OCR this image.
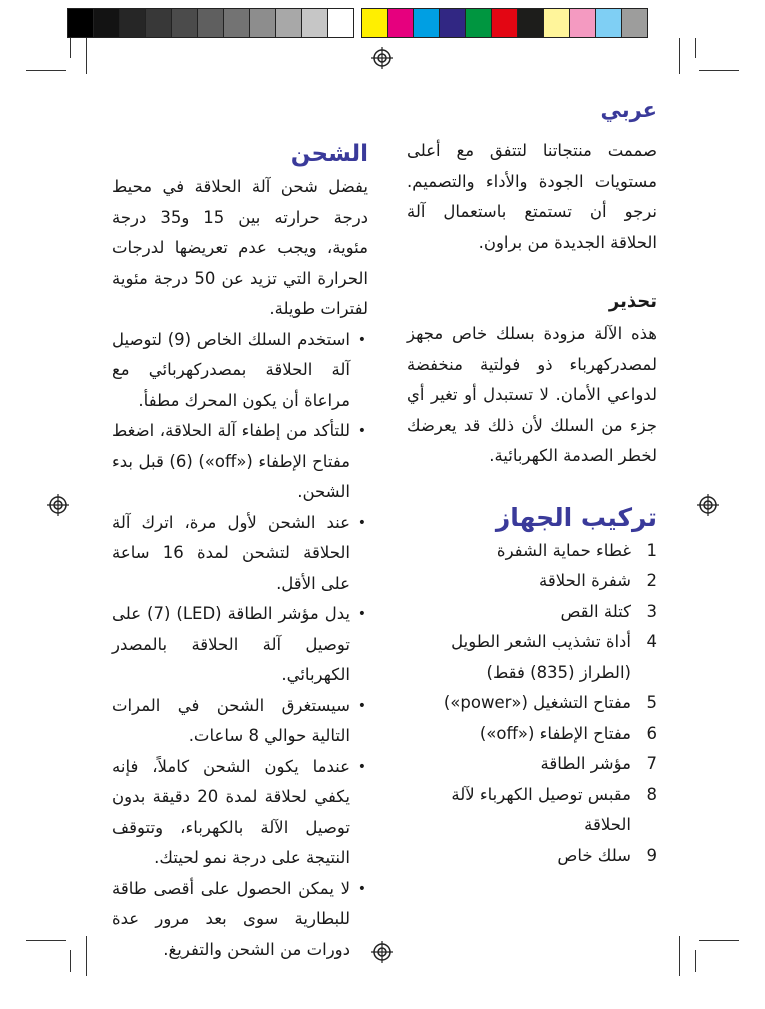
عربي

صممت منتجاتنا لتتفق مع أعلى مستويات الجودة والأداء والتصميم. نرجو أن تستمتع باستعمال آلة الحلاقة الجديدة من براون.

تحذير

هذه الآلة مزودة بسلك خاص مجهز لمصدركهرباء ذو فولتية منخفضة لدواعي الأمان. لا تستبدل أو تغير أي جزء من السلك لأن ذلك قد يعرضك لخطر الصدمة الكهربائية.

تركيب الجهاز

1
غطاء حماية الشفرة
2
شفرة الحلاقة
3
كتلة القص
4
أداة تشذيب الشعر الطويل (الطراز (835) فقط)
5
مفتاح التشغيل («power»)
6
مفتاح الإطفاء («off»)
7
مؤشر الطاقة
8
مقبس توصيل الكهرباء لآلة الحلاقة
9
سلك خاص

الشحن

يفضل شحن آلة الحلاقة في محيط درجة حرارته بين 15 و35 درجة مئوية، ويجب عدم تعريضها لدرجات الحرارة التي تزيد عن 50 درجة مئوية لفترات طويلة.

•
استخدم السلك الخاص (9) لتوصيل آلة الحلاقة بمصدركهربائي مع مراعاة أن يكون المحرك مطفأ.

•
للتأكد من إطفاء آلة الحلاقة، اضغط مفتاح الإطفاء («off») (6) قبل بدء الشحن.

•
عند الشحن لأول مرة، اترك آلة الحلاقة لتشحن لمدة 16 ساعة على الأقل.

•
يدل مؤشر الطاقة (LED) (7) على توصيل آلة الحلاقة بالمصدر الكهربائي.

•
سيستغرق الشحن في المرات التالية حوالي 8 ساعات.

•
عندما يكون الشحن كاملاً، فإنه يكفي لحلاقة لمدة 20 دقيقة بدون توصيل الآلة بالكهرباء، وتتوقف النتيجة على درجة نمو لحيتك.

•
لا يمكن الحصول على أقصى طاقة للبطارية سوى بعد مرور عدة دورات من الشحن والتفريغ.
